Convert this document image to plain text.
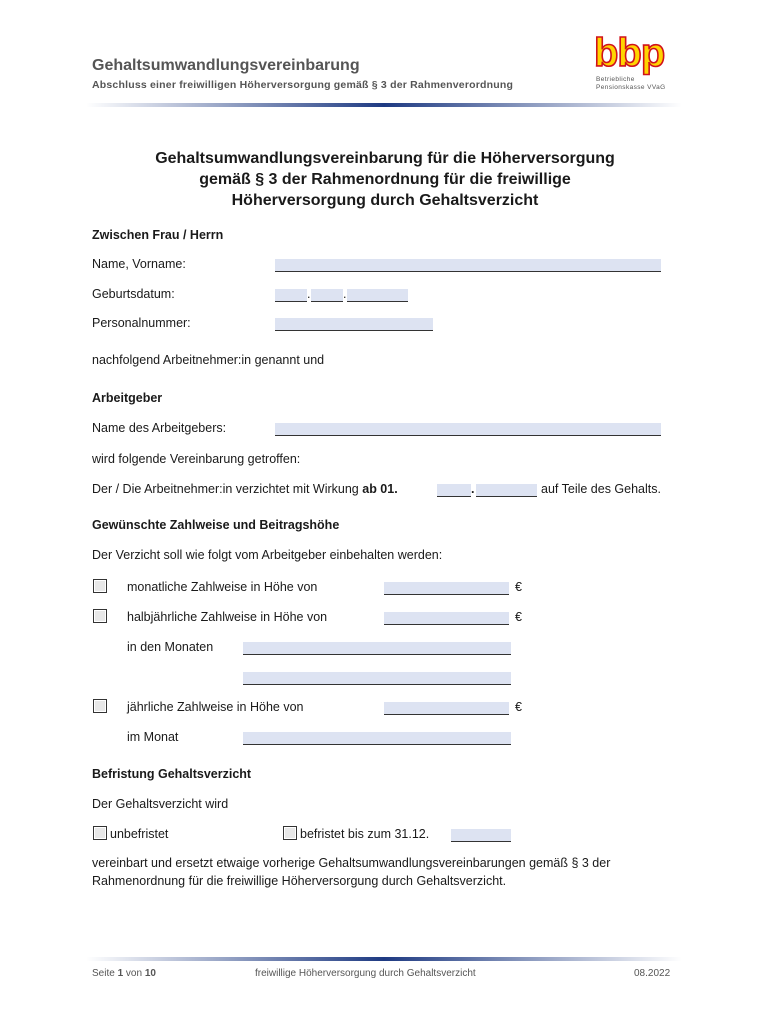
Gehaltsumwandlungsvereinbarung
Abschluss einer freiwilligen Höherversorgung gemäß § 3 der Rahmenverordnung
bbp
Betriebliche
Pensionskasse VVaG
Gehaltsumwandlungsvereinbarung für die Höherversorgung
gemäß § 3 der Rahmenordnung für die freiwillige
Höherversorgung durch Gehaltsverzicht
Zwischen Frau / Herrn
Name, Vorname:
Geburtsdatum:	.	.
Personalnummer:
nachfolgend Arbeitnehmer:in genannt und
Arbeitgeber
Name des Arbeitgebers:
wird folgende Vereinbarung getroffen:
Der / Die Arbeitnehmer:in verzichtet mit Wirkung ab 01.	.	auf Teile des Gehalts.
Gewünschte Zahlweise und Beitragshöhe
Der Verzicht soll wie folgt vom Arbeitgeber einbehalten werden:
monatliche Zahlweise in Höhe von	€
halbjährliche Zahlweise in Höhe von	€
in den Monaten
jährliche Zahlweise in Höhe von	€
im Monat
Befristung Gehaltsverzicht
Der Gehaltsverzicht wird
unbefristet	befristet bis zum 31.12.
vereinbart und ersetzt etwaige vorherige Gehaltsumwandlungsvereinbarungen gemäß § 3 der
Rahmenordnung für die freiwillige Höherversorgung durch Gehaltsverzicht.
Seite 1 von 10	freiwillige Höherversorgung durch Gehaltsverzicht	08.2022
